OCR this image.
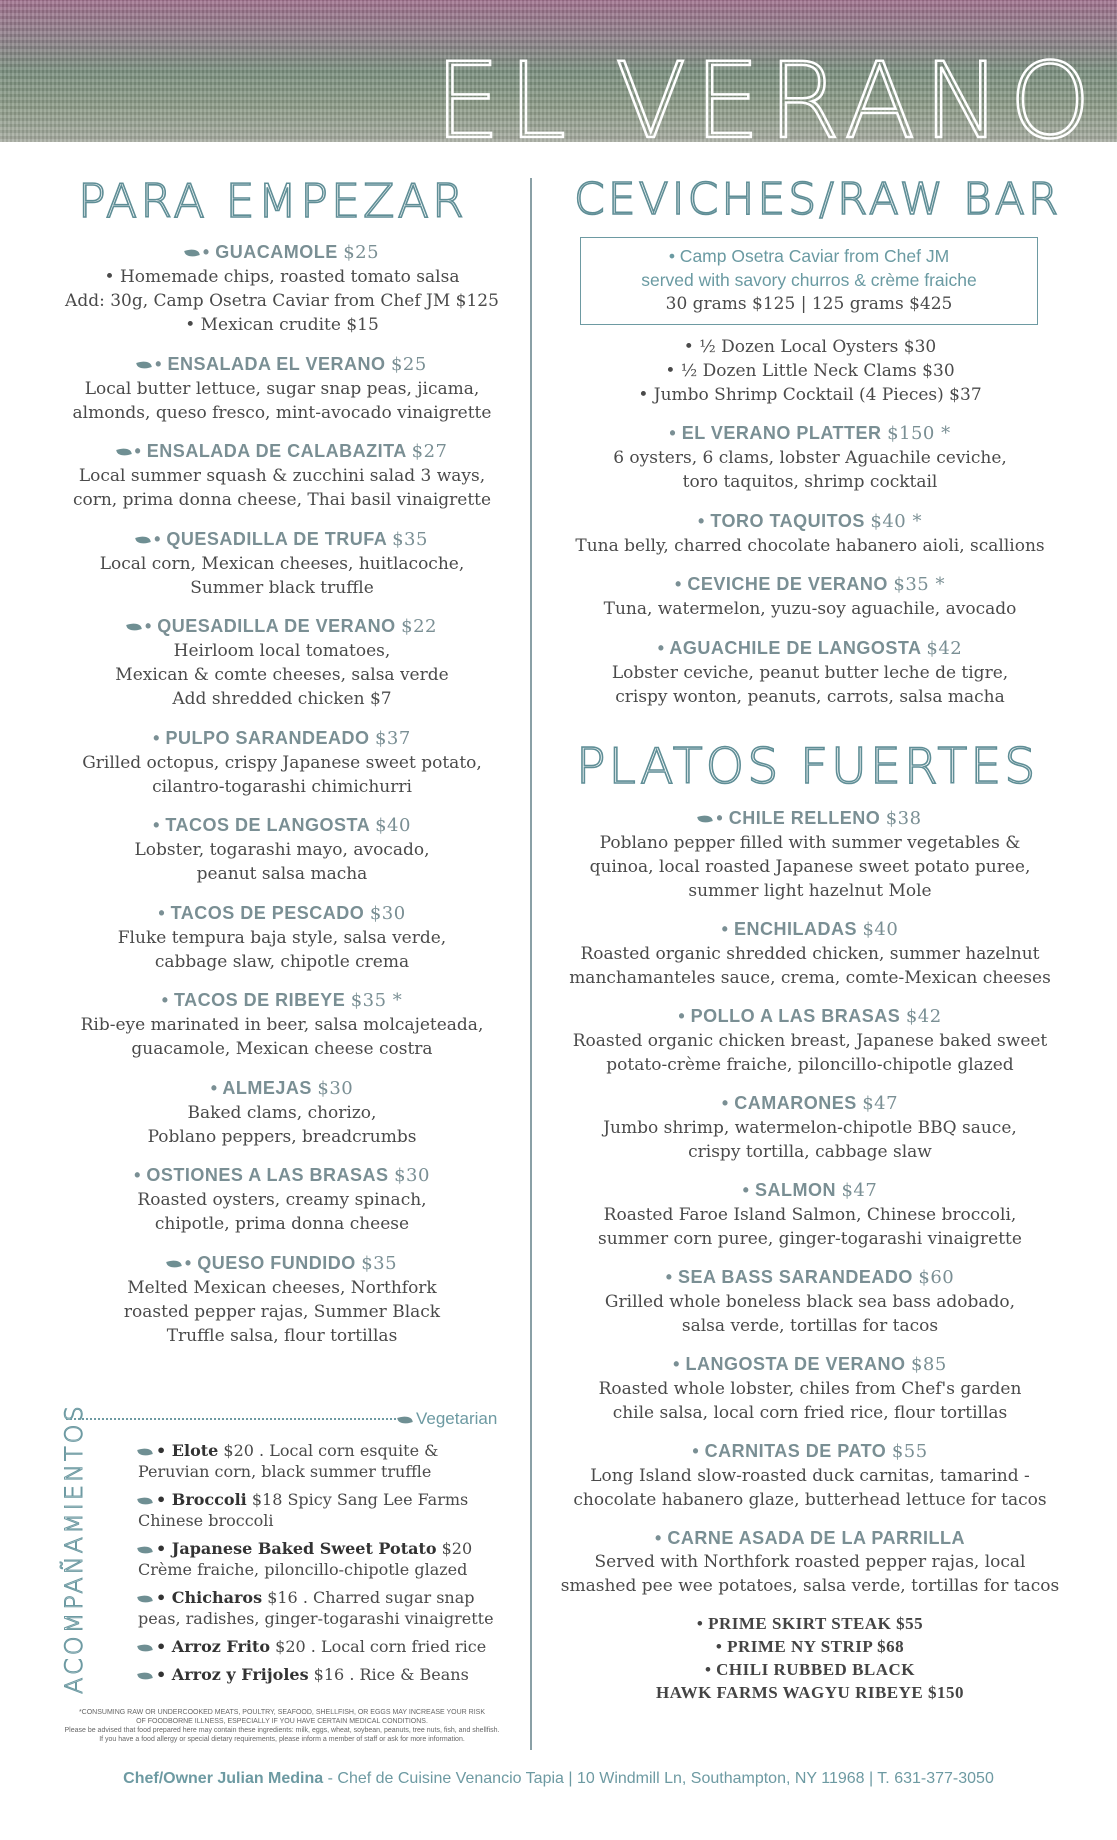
EL VERANO
PARA EMPEZAR CEVICHES/RAW BAR
• GUACAMOLE $25
• Homemade chips, roasted tomato salsa
Add: 30g, Camp Osetra Caviar from Chef JM $125
• Mexican crudite $15
• ENSALADA EL VERANO $25
Local butter lettuce, sugar snap peas, jicama,
almonds, queso fresco, mint-avocado vinaigrette
• ENSALADA DE CALABAZITA $27
Local summer squash & zucchini salad 3 ways,
corn, prima donna cheese, Thai basil vinaigrette
• QUESADILLA DE TRUFA $35
Local corn, Mexican cheeses, huitlacoche,
Summer black truffle
• QUESADILLA DE VERANO $22
Heirloom local tomatoes,
Mexican & comte cheeses, salsa verde
Add shredded chicken $7
• PULPO SARANDEADO $37
Grilled octopus, crispy Japanese sweet potato,
cilantro-togarashi chimichurri
• TACOS DE LANGOSTA $40
Lobster, togarashi mayo, avocado,
peanut salsa macha
• TACOS DE PESCADO $30
Fluke tempura baja style, salsa verde,
cabbage slaw, chipotle crema
• TACOS DE RIBEYE $35 *
Rib-eye marinated in beer, salsa molcajeteada,
guacamole, Mexican cheese costra
• ALMEJAS $30
Baked clams, chorizo,
Poblano peppers, breadcrumbs
• OSTIONES A LAS BRASAS $30
Roasted oysters, creamy spinach,
chipotle, prima donna cheese
• QUESO FUNDIDO $35
Melted Mexican cheeses, Northfork
roasted pepper rajas, Summer Black
Truffle salsa, flour tortillas
Vegetarian
ACOMPAÑAMIENTOS	• Elote $20 . Local corn esquite & Peruvian corn, black summer truffle
• Broccoli $18 Spicy Sang Lee Farms Chinese broccoli
• Japanese Baked Sweet Potato $20 Crème fraiche, piloncillo-chipotle glazed
• Chicharos $16 . Charred sugar snap peas, radishes, ginger-togarashi vinaigrette
• Arroz Frito $20 . Local corn fried rice
• Arroz y Frijoles $16 . Rice & Beans
*CONSUMING RAW OR UNDERCOOKED MEATS, POULTRY, SEAFOOD, SHELLFISH, OR EGGS MAY INCREASE YOUR RISK
OF FOODBORNE ILLNESS, ESPECIALLY IF YOU HAVE CERTAIN MEDICAL CONDITIONS.
Please be advised that food prepared here may contain these ingredients: milk, eggs, wheat, soybean, peanuts, tree nuts, fish, and shellfish.
If you have a food allergy or special dietary requirements, please inform a member of staff or ask for more information.
• Camp Osetra Caviar from Chef JM
served with savory churros & crème fraiche
30 grams $125 | 125 grams $425
• ½ Dozen Local Oysters $30
• ½ Dozen Little Neck Clams $30
• Jumbo Shrimp Cocktail (4 Pieces) $37
• EL VERANO PLATTER $150 *
6 oysters, 6 clams, lobster Aguachile ceviche,
toro taquitos, shrimp cocktail
• TORO TAQUITOS $40 *
Tuna belly, charred chocolate habanero aioli, scallions
• CEVICHE DE VERANO $35 *
Tuna, watermelon, yuzu-soy aguachile, avocado
• AGUACHILE DE LANGOSTA $42
Lobster ceviche, peanut butter leche de tigre,
crispy wonton, peanuts, carrots, salsa macha
PLATOS FUERTES
• CHILE RELLENO $38
Poblano pepper filled with summer vegetables &
quinoa, local roasted Japanese sweet potato puree,
summer light hazelnut Mole
• ENCHILADAS $40
Roasted organic shredded chicken, summer hazelnut
manchamanteles sauce, crema, comte-Mexican cheeses
• POLLO A LAS BRASAS $42
Roasted organic chicken breast, Japanese baked sweet
potato-crème fraiche, piloncillo-chipotle glazed
• CAMARONES $47
Jumbo shrimp, watermelon-chipotle BBQ sauce,
crispy tortilla, cabbage slaw
• SALMON $47
Roasted Faroe Island Salmon, Chinese broccoli,
summer corn puree, ginger-togarashi vinaigrette
• SEA BASS SARANDEADO $60
Grilled whole boneless black sea bass adobado,
salsa verde, tortillas for tacos
• LANGOSTA DE VERANO $85
Roasted whole lobster, chiles from Chef's garden
chile salsa, local corn fried rice, flour tortillas
• CARNITAS DE PATO $55
Long Island slow-roasted duck carnitas, tamarind -
chocolate habanero glaze, butterhead lettuce for tacos
• CARNE ASADA DE LA PARRILLA
Served with Northfork roasted pepper rajas, local
smashed pee wee potatoes, salsa verde, tortillas for tacos
• PRIME SKIRT STEAK $55
• PRIME NY STRIP $68
• CHILI RUBBED BLACK
HAWK FARMS WAGYU RIBEYE $150
Chef/Owner Julian Medina - Chef de Cuisine Venancio Tapia | 10 Windmill Ln, Southampton, NY 11968 | T. 631-377-3050
